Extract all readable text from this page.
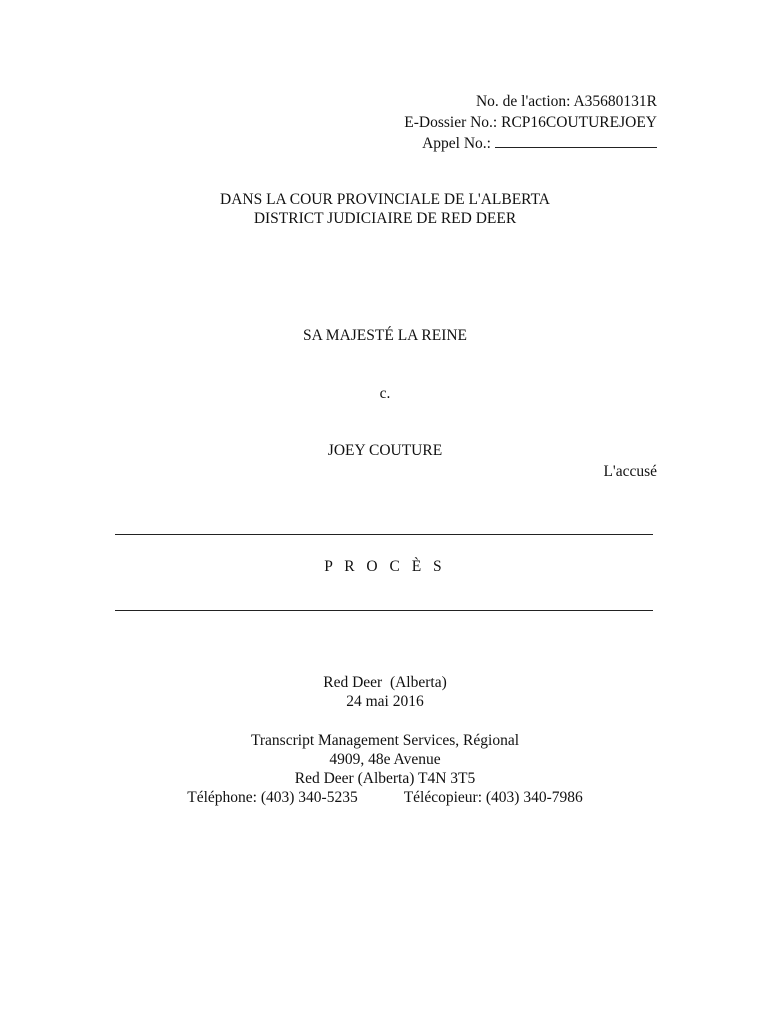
No. de l'action: A35680131R
E-Dossier No.: RCP16COUTUREJOEY
Appel No.:
DANS LA COUR PROVINCIALE DE L'ALBERTA
DISTRICT JUDICIAIRE DE RED DEER
SA MAJESTÉ LA REINE
c.
JOEY COUTURE
L'accusé
P R O C È S
Red Deer  (Alberta)
24 mai 2016
Transcript Management Services, Régional
4909, 48e Avenue
Red Deer (Alberta) T4N 3T5
Téléphone: (403) 340-5235	Télécopieur: (403) 340-7986
